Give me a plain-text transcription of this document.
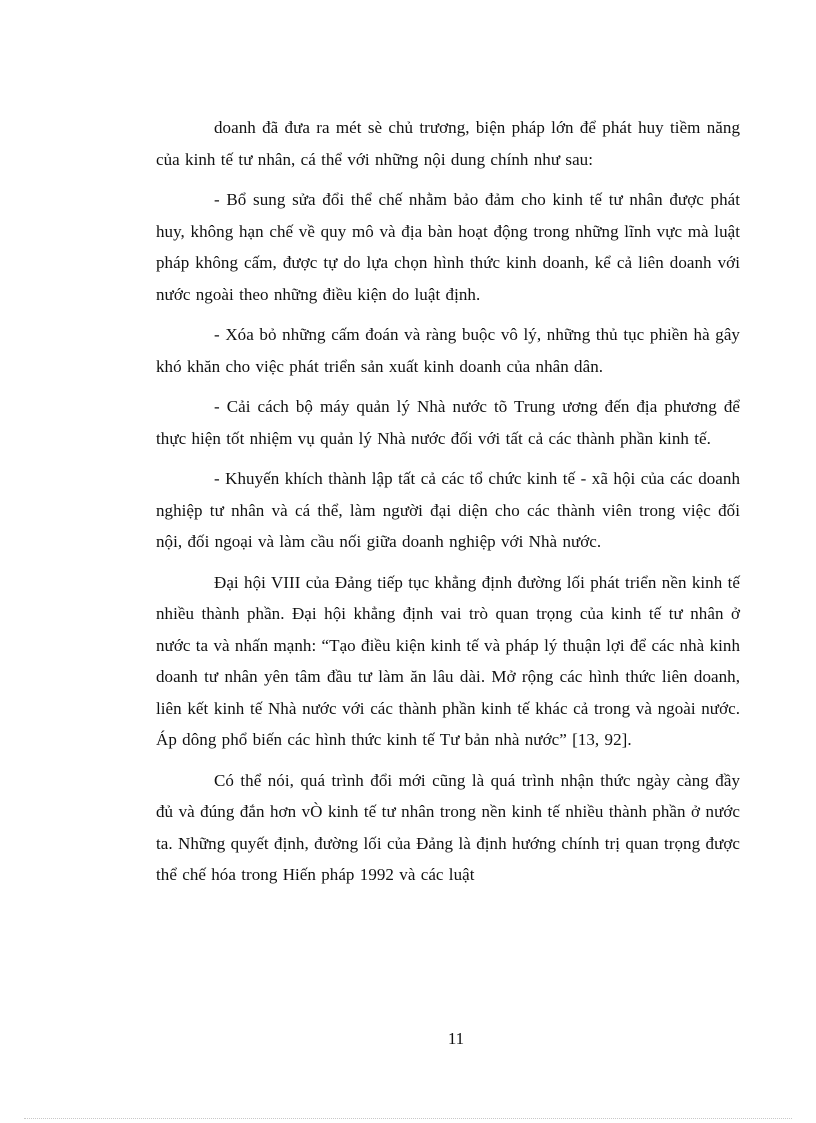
doanh đã đưa ra mét sè chủ trương, biện pháp lớn để phát huy tiềm năng của kinh tế tư nhân, cá thể với những nội dung chính như sau:

- Bổ sung sửa đổi thể chế nhằm bảo đảm cho kinh tế tư nhân được phát huy, không hạn chế về quy mô và địa bàn hoạt động trong những lĩnh vực mà luật pháp không cấm, được tự do lựa chọn hình thức kinh doanh, kể cả liên doanh với nước ngoài theo những điều kiện do luật định.

- Xóa bỏ những cấm đoán và ràng buộc vô lý, những thủ tục phiền hà gây khó khăn cho việc phát triển sản xuất kinh doanh của nhân dân.

- Cải cách bộ máy quản lý Nhà nước tõ Trung ương đến địa phương để thực hiện tốt nhiệm vụ quản lý Nhà nước đối với tất cả các thành phần kinh tế.

- Khuyến khích thành lập tất cả các tổ chức kinh tế - xã hội của các doanh nghiệp tư nhân và cá thể, làm người đại diện cho các thành viên trong việc đối nội, đối ngoại và làm cầu nối giữa doanh nghiệp với Nhà nước.

Đại hội VIII của Đảng tiếp tục khẳng định đường lối phát triển nền kinh tế nhiều thành phần. Đại hội khẳng định vai trò quan trọng của kinh tế tư nhân ở nước ta và nhấn mạnh: “Tạo điều kiện kinh tế và pháp lý thuận lợi để các nhà kinh doanh tư nhân yên tâm đầu tư làm ăn lâu dài. Mở rộng các hình thức liên doanh, liên kết kinh tế Nhà nước với các thành phần kinh tế khác cả trong và ngoài nước. Áp dông phổ biến các hình thức kinh tế Tư bản nhà nước” [13, 92].

Có thể nói, quá trình đổi mới cũng là quá trình nhận thức ngày càng đầy đủ và đúng đắn hơn vÒ kinh tế tư nhân trong nền kinh tế nhiều thành phần ở nước ta. Những quyết định, đường lối của Đảng là định hướng chính trị quan trọng được thể chế hóa trong Hiến pháp 1992 và các luật

11
